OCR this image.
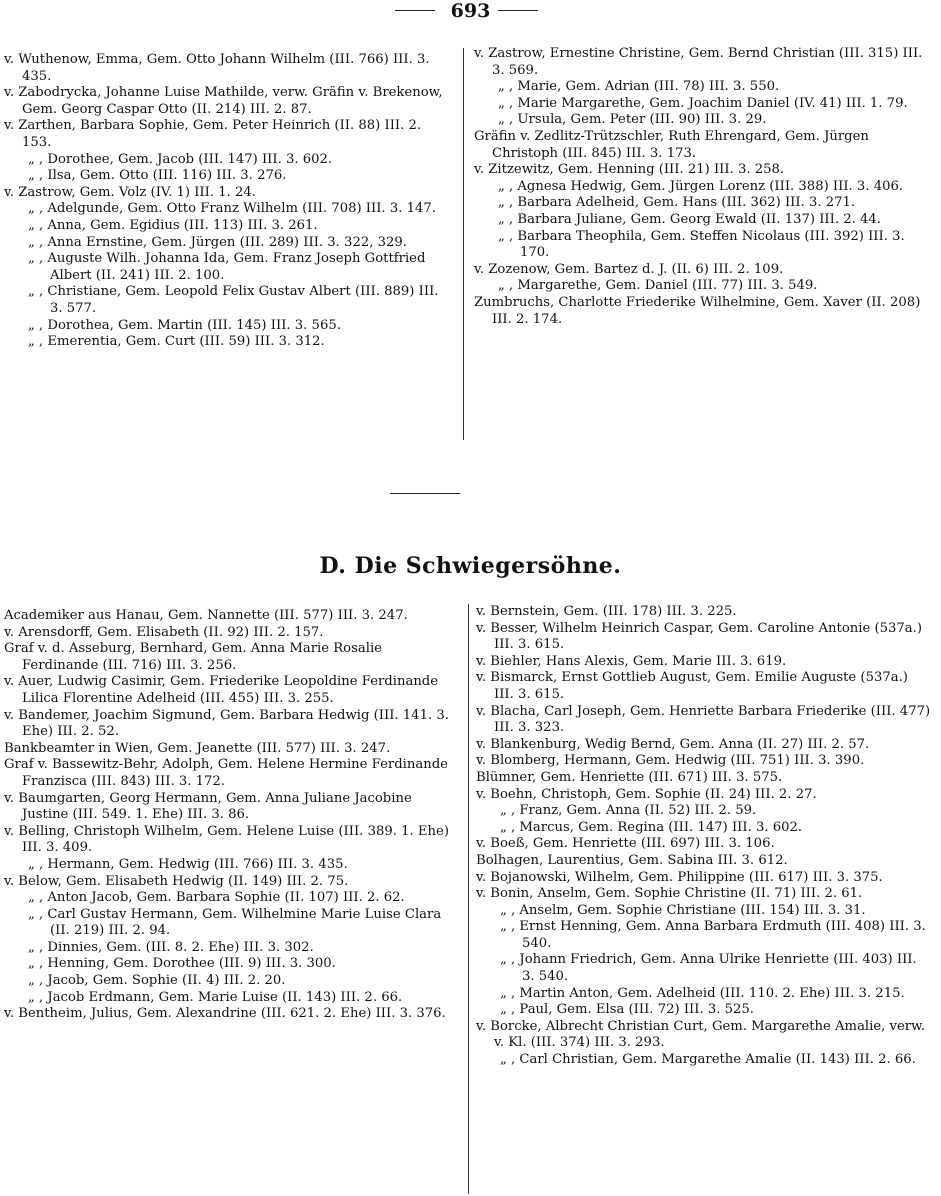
693
v. Wuthenow, Emma, Gem. Otto Johann Wilhelm (III. 766) III. 3. 435.
v. Zabodrycka, Johanne Luise Mathilde, verw. Gräfin v. Brekenow, Gem. Georg Caspar Otto (II. 214) III. 2. 87.
v. Zarthen, Barbara Sophie, Gem. Peter Heinrich (II. 88) III. 2. 153.
„ , Dorothee, Gem. Jacob (III. 147) III. 3. 602.
„ , Ilsa, Gem. Otto (III. 116) III. 3. 276.
v. Zastrow, Gem. Volz (IV. 1) III. 1. 24.
„ , Adelgunde, Gem. Otto Franz Wilhelm (III. 708) III. 3. 147.
„ , Anna, Gem. Egidius (III. 113) III. 3. 261.
„ , Anna Ernstine, Gem. Jürgen (III. 289) III. 3. 322, 329.
„ , Auguste Wilh. Johanna Ida, Gem. Franz Joseph Gottfried Albert (II. 241) III. 2. 100.
„ , Christiane, Gem. Leopold Felix Gustav Albert (III. 889) III. 3. 577.
„ , Dorothea, Gem. Martin (III. 145) III. 3. 565.
„ , Emerentia, Gem. Curt (III. 59) III. 3. 312.
v. Zastrow, Ernestine Christine, Gem. Bernd Christian (III. 315) III. 3. 569.
„ , Marie, Gem. Adrian (III. 78) III. 3. 550.
„ , Marie Margarethe, Gem. Joachim Daniel (IV. 41) III. 1. 79.
„ , Ursula, Gem. Peter (III. 90) III. 3. 29.
Gräfin v. Zedlitz-Trützschler, Ruth Ehrengard, Gem. Jürgen Christoph (III. 845) III. 3. 173.
v. Zitzewitz, Gem. Henning (III. 21) III. 3. 258.
„ , Agnesa Hedwig, Gem. Jürgen Lorenz (III. 388) III. 3. 406.
„ , Barbara Adelheid, Gem. Hans (III. 362) III. 3. 271.
„ , Barbara Juliane, Gem. Georg Ewald (II. 137) III. 2. 44.
„ , Barbara Theophila, Gem. Steffen Nicolaus (III. 392) III. 3. 170.
v. Zozenow, Gem. Bartez d. J. (II. 6) III. 2. 109.
„ , Margarethe, Gem. Daniel (III. 77) III. 3. 549.
Zumbruchs, Charlotte Friederike Wilhelmine, Gem. Xaver (II. 208) III. 2. 174.
D. Die Schwiegersöhne.
Academiker aus Hanau, Gem. Nannette (III. 577) III. 3. 247.
v. Arensdorff, Gem. Elisabeth (II. 92) III. 2. 157.
Graf v. d. Asseburg, Bernhard, Gem. Anna Marie Rosalie Ferdinande (III. 716) III. 3. 256.
v. Auer, Ludwig Casimir, Gem. Friederike Leopoldine Ferdinande Lilica Florentine Adelheid (III. 455) III. 3. 255.
v. Bandemer, Joachim Sigmund, Gem. Barbara Hedwig (III. 141. 3. Ehe) III. 2. 52.
Bankbeamter in Wien, Gem. Jeanette (III. 577) III. 3. 247.
Graf v. Bassewitz-Behr, Adolph, Gem. Helene Hermine Ferdinande Franzisca (III. 843) III. 3. 172.
v. Baumgarten, Georg Hermann, Gem. Anna Juliane Jacobine Justine (III. 549. 1. Ehe) III. 3. 86.
v. Belling, Christoph Wilhelm, Gem. Helene Luise (III. 389. 1. Ehe) III. 3. 409.
„ , Hermann, Gem. Hedwig (III. 766) III. 3. 435.
v. Below, Gem. Elisabeth Hedwig (II. 149) III. 2. 75.
„ , Anton Jacob, Gem. Barbara Sophie (II. 107) III. 2. 62.
„ , Carl Gustav Hermann, Gem. Wilhelmine Marie Luise Clara (II. 219) III. 2. 94.
„ , Dinnies, Gem. (III. 8. 2. Ehe) III. 3. 302.
„ , Henning, Gem. Dorothee (III. 9) III. 3. 300.
„ , Jacob, Gem. Sophie (II. 4) III. 2. 20.
„ , Jacob Erdmann, Gem. Marie Luise (II. 143) III. 2. 66.
v. Bentheim, Julius, Gem. Alexandrine (III. 621. 2. Ehe) III. 3. 376.
v. Bernstein, Gem. (III. 178) III. 3. 225.
v. Besser, Wilhelm Heinrich Caspar, Gem. Caroline Antonie (537a.) III. 3. 615.
v. Biehler, Hans Alexis, Gem. Marie III. 3. 619.
v. Bismarck, Ernst Gottlieb August, Gem. Emilie Auguste (537a.) III. 3. 615.
v. Blacha, Carl Joseph, Gem. Henriette Barbara Friederike (III. 477) III. 3. 323.
v. Blankenburg, Wedig Bernd, Gem. Anna (II. 27) III. 2. 57.
v. Blomberg, Hermann, Gem. Hedwig (III. 751) III. 3. 390.
Blümner, Gem. Henriette (III. 671) III. 3. 575.
v. Boehn, Christoph, Gem. Sophie (II. 24) III. 2. 27.
„ , Franz, Gem. Anna (II. 52) III. 2. 59.
„ , Marcus, Gem. Regina (III. 147) III. 3. 602.
v. Boeß, Gem. Henriette (III. 697) III. 3. 106.
Bolhagen, Laurentius, Gem. Sabina III. 3. 612.
v. Bojanowski, Wilhelm, Gem. Philippine (III. 617) III. 3. 375.
v. Bonin, Anselm, Gem. Sophie Christine (II. 71) III. 2. 61.
„ , Anselm, Gem. Sophie Christiane (III. 154) III. 3. 31.
„ , Ernst Henning, Gem. Anna Barbara Erdmuth (III. 408) III. 3. 540.
„ , Johann Friedrich, Gem. Anna Ulrike Henriette (III. 403) III. 3. 540.
„ , Martin Anton, Gem. Adelheid (III. 110. 2. Ehe) III. 3. 215.
„ , Paul, Gem. Elsa (III. 72) III. 3. 525.
v. Borcke, Albrecht Christian Curt, Gem. Margarethe Amalie, verw. v. Kl. (III. 374) III. 3. 293.
„ , Carl Christian, Gem. Margarethe Amalie (II. 143) III. 2. 66.
